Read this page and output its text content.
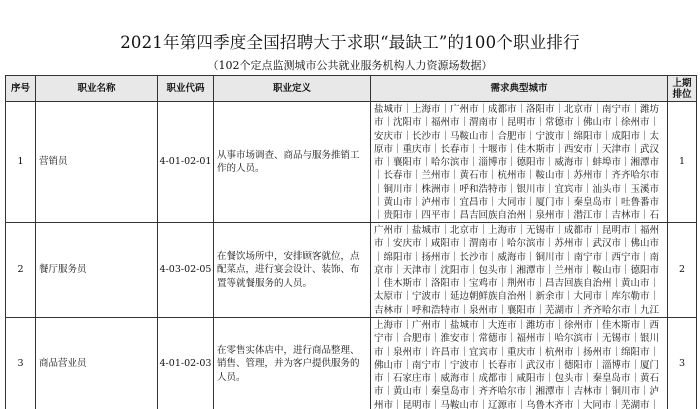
2021年第四季度全国招聘大于求职“最缺工”的100个职业排行
（102个定点监测城市公共就业服务机构人力资源场数据）
序号	职业名称	职业代码	职业定义	需求典型城市	上期排位
1	营销员	4-01-02-01	从事市场调查、商品与服务推销工作的人员。	盐城市｜上海市｜广州市｜成都市｜洛阳市｜北京市｜南宁市｜潍坊市｜沈阳市｜福州市｜渭南市｜昆明市｜常德市｜佛山市｜徐州市｜安庆市｜长沙市｜马鞍山市｜合肥市｜宁波市｜绵阳市｜成阳市｜太原市｜重庆市｜长春市｜十堰市｜佳木斯市｜西安市｜天津市｜武汉市｜襄阳市｜哈尔滨市｜淄博市｜德阳市｜威海市｜蚌埠市｜湘潭市｜长春市｜兰州市｜黄石市｜杭州市｜鞍山市｜苏州市｜齐齐哈尔市｜铜川市｜株洲市｜呼和浩特市｜银川市｜宜宾市｜汕头市｜玉溪市｜黄山市｜泸州市｜宜昌市｜大同市｜厦门市｜秦皇岛市｜吐鲁番市｜贵阳市｜四平市｜昌吉回族自治州｜泉州市｜潜江市｜吉林市｜石	1
2	餐厅服务员	4-03-02-05	在餐饮场所中，安排顾客就位，点配菜点，进行宴会设计、装饰、布置等就餐服务的人员。	广州市｜盐城市｜北京市｜上海市｜无锡市｜成都市｜昆明市｜福州市｜安庆市｜咸阳市｜渭南市｜哈尔滨市｜苏州市｜武汉市｜佛山市｜绵阳市｜扬州市｜长沙市｜威海市｜铜川市｜南宁市｜西宁市｜南京市｜天津市｜沈阳市｜包头市｜湘潭市｜兰州市｜鞍山市｜德阳市｜佳木斯市｜洛阳市｜宝鸡市｜荆州市｜昌吉回族自治州｜黄山市｜太原市｜宁波市｜延边朝鲜族自治州｜新余市｜大同市｜库尔勒市｜吉林市｜呼和浩特市｜泉州市｜襄阳市｜芜湖市｜齐齐哈尔市｜九江	2
3	商品营业员	4-01-02-03	在零售实体店中，进行商品整理、销售、管理，并为客户提供服务的人员。	上海市｜广州市｜盐城市｜大连市｜潍坊市｜徐州市｜佳木斯市｜西宁市｜合肥市｜淮安市｜常德市｜福州市｜哈尔滨市｜无锡市｜银川市｜泉州市｜许昌市｜宜宾市｜重庆市｜杭州市｜扬州市｜绵阳市｜佛山市｜南宁市｜宁波市｜长春市｜武汉市｜德阳市｜淄博市｜厦门市｜石家庄市｜威海市｜成都市｜咸阳市｜包头市｜秦皇岛市｜黄石市｜黄山市｜秦皇岛市｜齐齐哈尔市｜湘潭市｜吉林市｜铜川市｜泸州市｜昆明市｜马鞍山市｜辽源市｜乌鲁木齐市｜大同市｜芜湖市｜	3
